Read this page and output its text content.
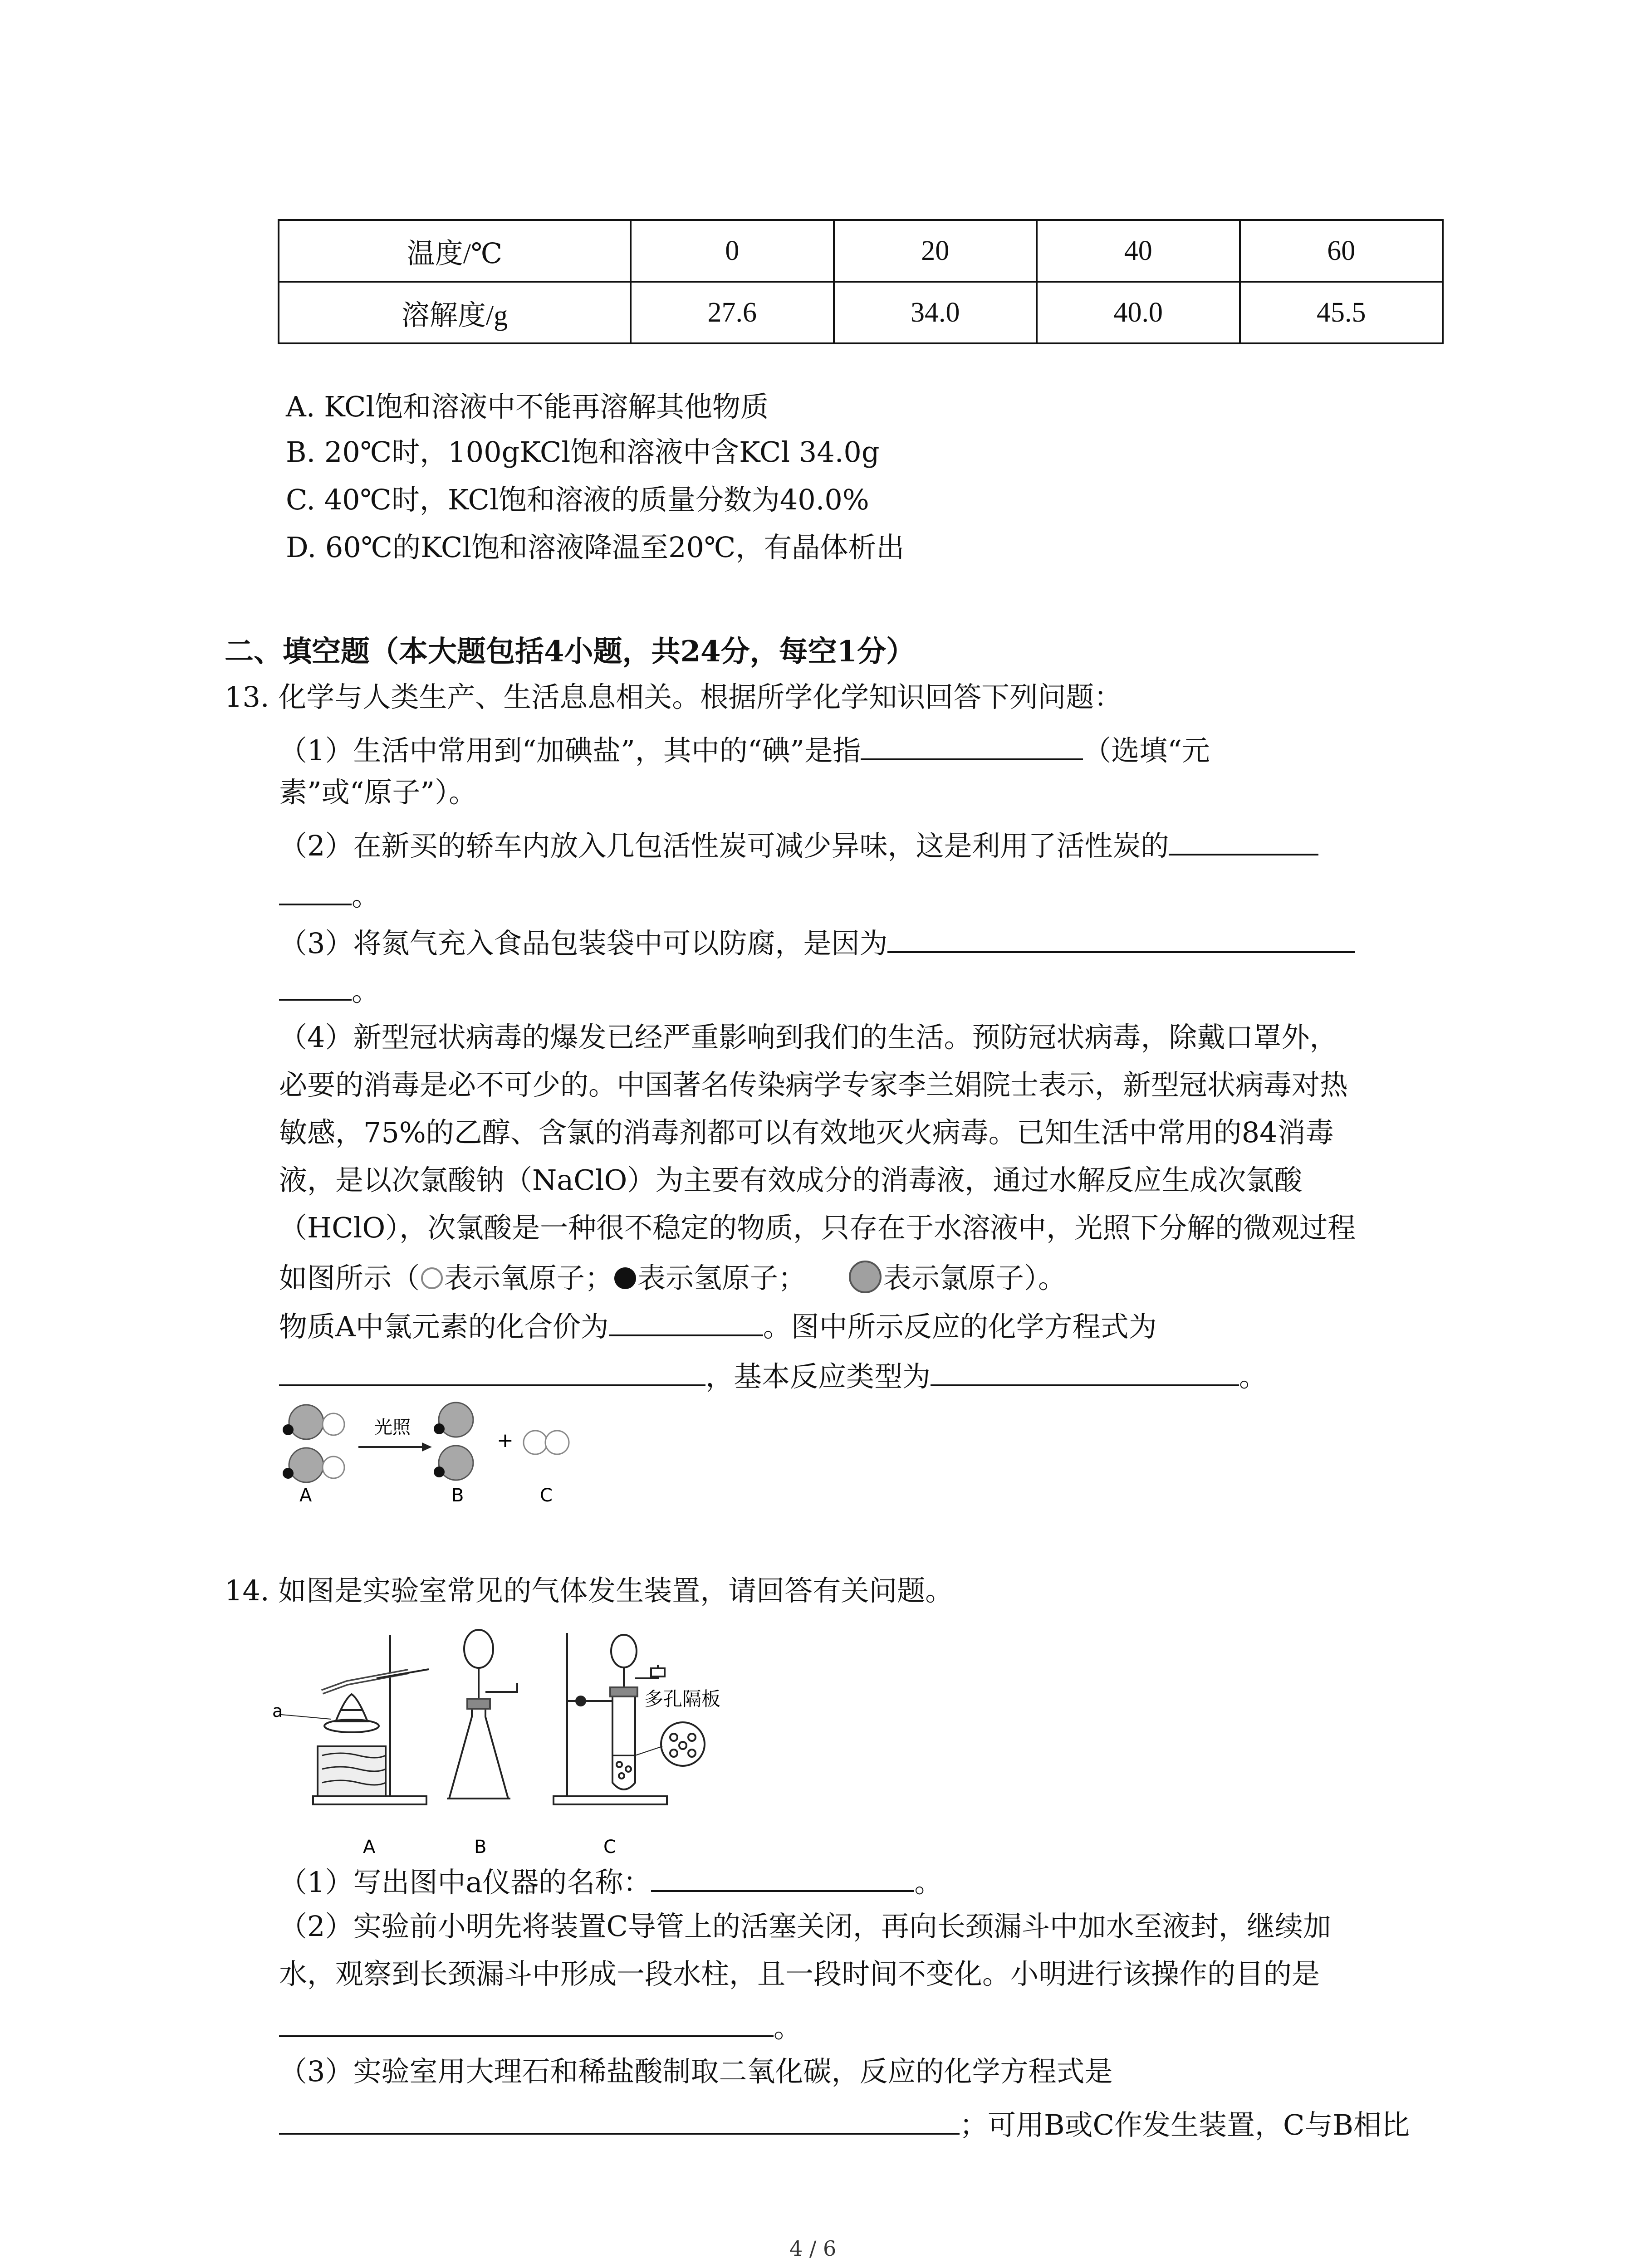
温度/℃	0	20	40	60
溶解度/g	27.6	34.0	40.0	45.5
A. KCl饱和溶液中不能再溶解其他物质
B. 20℃时，100gKCl饱和溶液中含KCl 34.0g
C. 40℃时，KCl饱和溶液的质量分数为40.0%
D. 60℃的KCl饱和溶液降温至20℃，有晶体析出
二、填空题（本大题包括4小题，共24分，每空1分）
13. 化学与人类生产、生活息息相关。根据所学化学知识回答下列问题：
（1）生活中常用到“加碘盐”，其中的“碘”是指	（选填“元
素”或“原子”）。
（2）在新买的轿车内放入几包活性炭可减少异味，这是利用了活性炭的
。
（3）将氮气充入食品包装袋中可以防腐，是因为
。
（4）新型冠状病毒的爆发已经严重影响到我们的生活。预防冠状病毒，除戴口罩外，
必要的消毒是必不可少的。中国著名传染病学专家李兰娟院士表示，新型冠状病毒对热
敏感，75%的乙醇、含氯的消毒剂都可以有效地灭火病毒。已知生活中常用的84消毒
液，是以次氯酸钠（NaClO）为主要有效成分的消毒液，通过水解反应生成次氯酸
（HClO），次氯酸是一种很不稳定的物质，只存在于水溶液中，光照下分解的微观过程
如图所示（ 表示氧原子； 表示氢原子；	表示氯原子）。
物质A中氯元素的化合价为	。图中所示反应的化学方程式为
，基本反应类型为	。
光照
+
A	B	C
14. 如图是实验室常见的气体发生装置，请回答有关问题。
a
多孔隔板
A	B	C
（1）写出图中a仪器的名称：	。
（2）实验前小明先将装置C导管上的活塞关闭，再向长颈漏斗中加水至液封，继续加
水，观察到长颈漏斗中形成一段水柱，且一段时间不变化。小明进行该操作的目的是
。
（3）实验室用大理石和稀盐酸制取二氧化碳，反应的化学方程式是
；可用B或C作发生装置，C与B相比
4 / 6
